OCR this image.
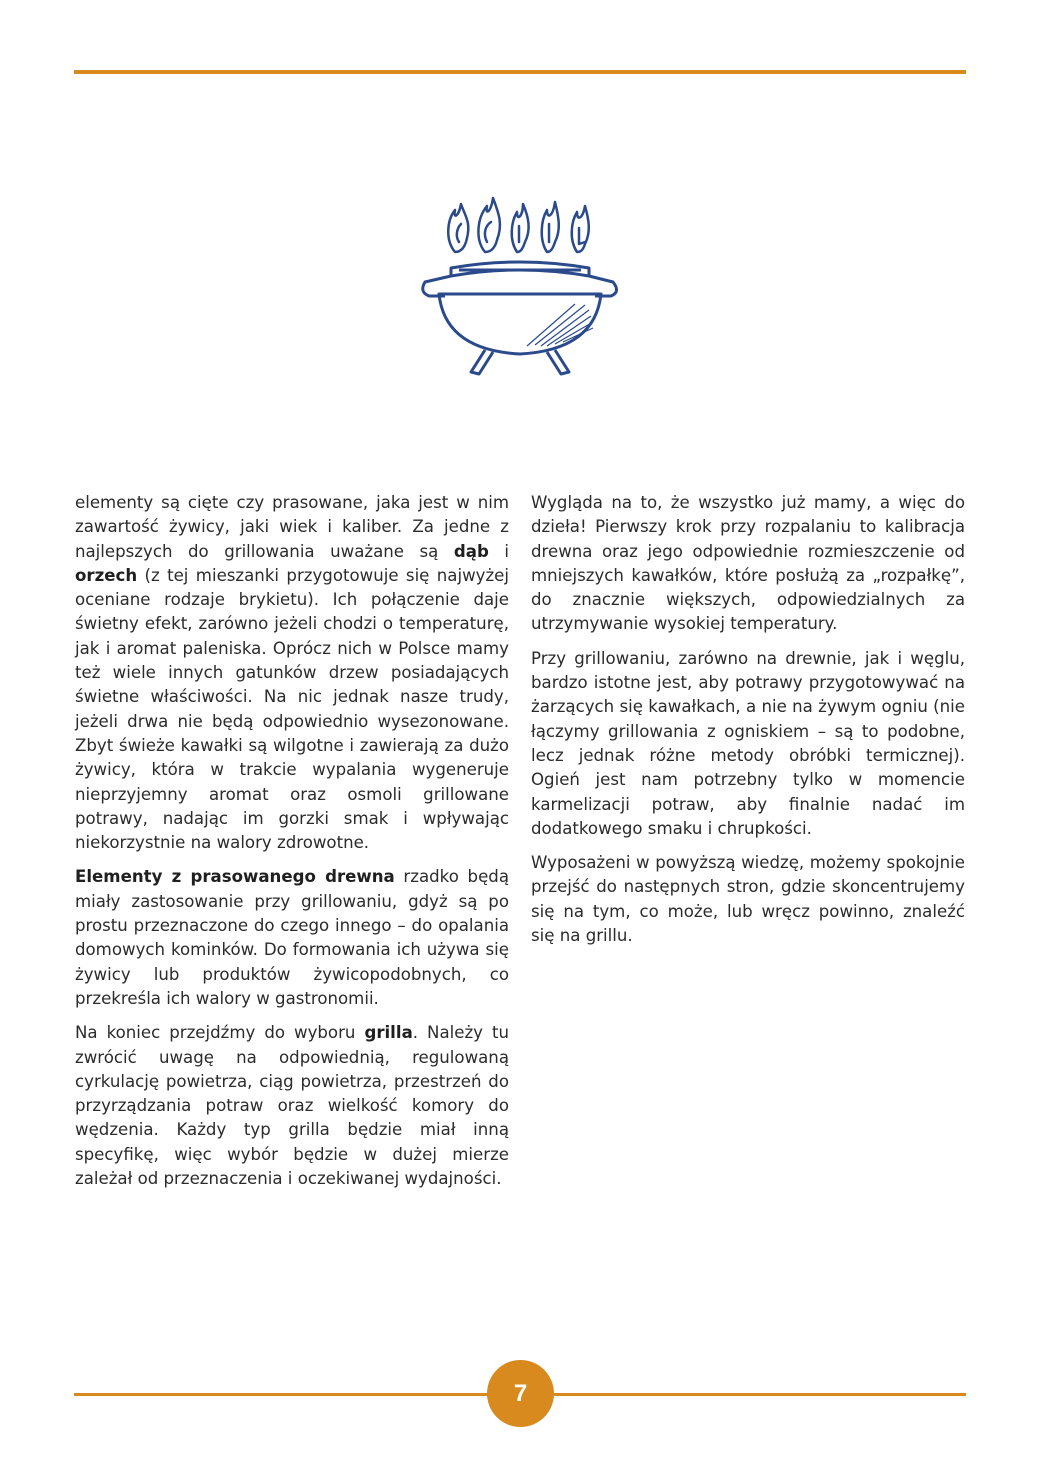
GRILL

elementy są cięte czy prasowane, jaka jest w nim zawartość żywicy, jaki wiek i kaliber. Za jedne z najlepszych do grillowania uważane są dąb i orzech (z tej mieszanki przygotowuje się najwyżej oceniane rodzaje brykietu). Ich połączenie daje świetny efekt, zarówno jeżeli chodzi o temperaturę, jak i aromat paleniska. Oprócz nich w Polsce mamy też wiele innych gatunków drzew posiadających świetne właściwości. Na nic jednak nasze trudy, jeżeli drwa nie będą odpowiednio wysezonowane. Zbyt świeże kawałki są wilgotne i zawierają za dużo żywicy, która w trakcie wypalania wygeneruje nieprzyjemny aromat oraz osmoli grillowane potrawy, nadając im gorzki smak i wpływając niekorzystnie na walory zdrowotne.

Elementy z prasowanego drewna rzadko będą miały zastosowanie przy grillowaniu, gdyż są po prostu przeznaczone do czego innego – do opalania domowych kominków. Do formowania ich używa się żywicy lub produktów żywicopodobnych, co przekreśla ich walory w gastronomii.

Na koniec przejdźmy do wyboru grilla. Należy tu zwrócić uwagę na odpowiednią, regulowaną cyrkulację powietrza, ciąg powietrza, przestrzeń do przyrządzania potraw oraz wielkość komory do wędzenia. Każdy typ grilla będzie miał inną specyfikę, więc wybór będzie w dużej mierze zależał od przeznaczenia i oczekiwanej wydajności.

Wygląda na to, że wszystko już mamy, a więc do dzieła! Pierwszy krok przy rozpalaniu to kalibracja drewna oraz jego odpowiednie rozmieszczenie od mniejszych kawałków, które posłużą za „rozpałkę”, do znacznie większych, odpowiedzialnych za utrzymywanie wysokiej temperatury.

Przy grillowaniu, zarówno na drewnie, jak i węglu, bardzo istotne jest, aby potrawy przygotowywać na żarzących się kawałkach, a nie na żywym ogniu (nie łączymy grillowania z ogniskiem – są to podobne, lecz jednak różne metody obróbki termicznej). Ogień jest nam potrzebny tylko w momencie karmelizacji potraw, aby finalnie nadać im dodatkowego smaku i chrupkości.

Wyposażeni w powyższą wiedzę, możemy spokojnie przejść do następnych stron, gdzie skoncentrujemy się na tym, co może, lub wręcz powinno, znaleźć się na grillu.

7
